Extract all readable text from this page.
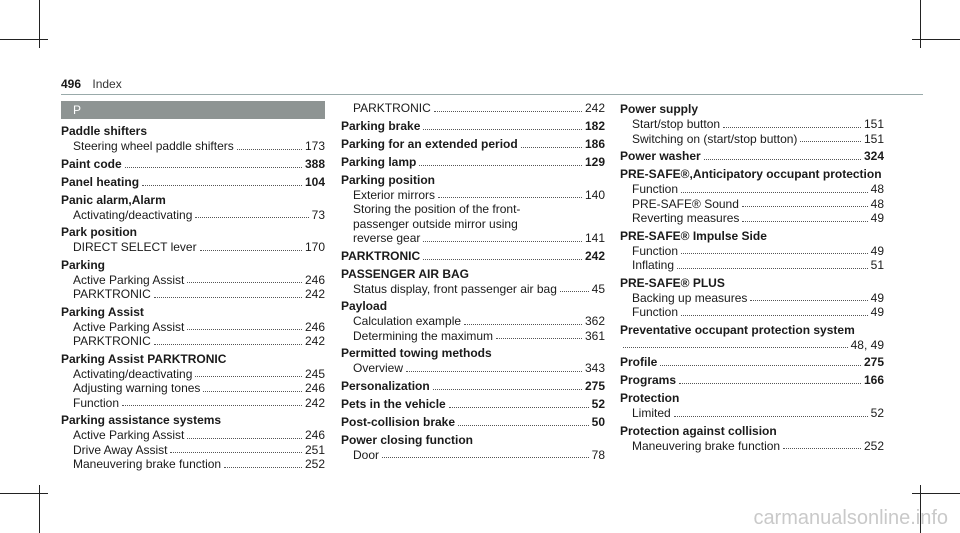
496 Index
P
Paddle shifters
Steering wheel paddle shifters	173
Paint code	388
Panel heating	104
Panic alarm, Alarm
Activating/deactivating	73
Park position
DIRECT SELECT lever	170
Parking
Active Parking Assist	246
PARKTRONIC	242
Parking Assist
Active Parking Assist	246
PARKTRONIC	242
Parking Assist PARKTRONIC
Activating/deactivating	245
Adjusting warning tones	246
Function	242
Parking assistance systems
Active Parking Assist	246
Drive Away Assist	251
Maneuvering brake function	252
PARKTRONIC	242
Parking brake	182
Parking for an extended period	186
Parking lamp	129
Parking position
Exterior mirrors	140
Storing the position of the front-
passenger outside mirror using
reverse gear	141
PARKTRONIC	242
PASSENGER AIR BAG
Status display, front passenger air bag	45
Payload
Calculation example	362
Determining the maximum	361
Permitted towing methods
Overview	343
Personalization	275
Pets in the vehicle	52
Post-collision brake	50
Power closing function
Door	78
Power supply
Start/stop button	151
Switching on (start/stop button)	151
Power washer	324
PRE-SAFE®, Anticipatory occupant protection
Function	48
PRE-SAFE® Sound	48
Reverting measures	49
PRE-SAFE® Impulse Side
Function	49
Inflating	51
PRE-SAFE® PLUS
Backing up measures	49
Function	49
Preventative occupant protection system
48, 49
Profile	275
Programs	166
Protection
Limited	52
Protection against collision
Maneuvering brake function	252
carmanualsonline.info
